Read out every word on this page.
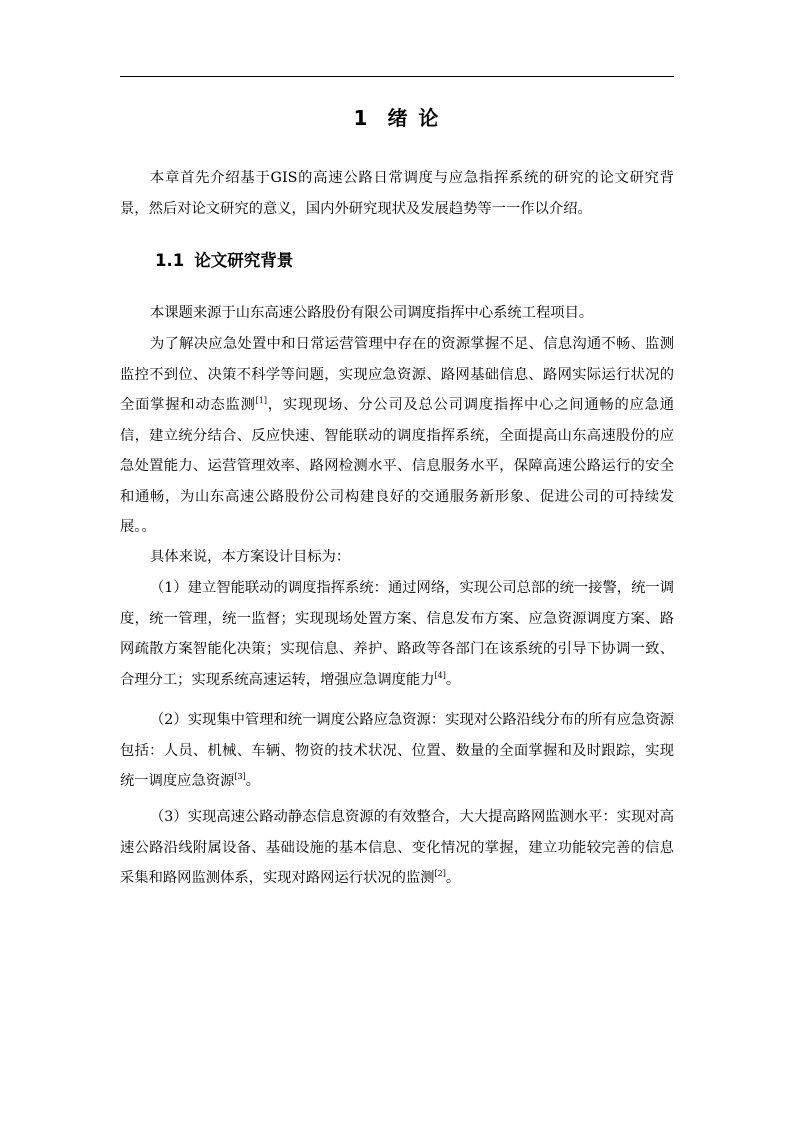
1 绪 论

本章首先介绍基于GIS的高速公路日常调度与应急指挥系统的研究的论文研究背景，然后对论文研究的意义，国内外研究现状及发展趋势等一一作以介绍。

1.1 论文研究背景

本课题来源于山东高速公路股份有限公司调度指挥中心系统工程项目。

为了解决应急处置中和日常运营管理中存在的资源掌握不足、信息沟通不畅、监测监控不到位、决策不科学等问题，实现应急资源、路网基础信息、路网实际运行状况的全面掌握和动态监测[1]，实现现场、分公司及总公司调度指挥中心之间通畅的应急通信，建立统分结合、反应快速、智能联动的调度指挥系统，全面提高山东高速股份的应急处置能力、运营管理效率、路网检测水平、信息服务水平，保障高速公路运行的安全和通畅，为山东高速公路股份公司构建良好的交通服务新形象、促进公司的可持续发展。。

具体来说，本方案设计目标为：

（1）建立智能联动的调度指挥系统：通过网络，实现公司总部的统一接警，统一调度，统一管理，统一监督；实现现场处置方案、信息发布方案、应急资源调度方案、路网疏散方案智能化决策；实现信息、养护、路政等各部门在该系统的引导下协调一致、合理分工；实现系统高速运转，增强应急调度能力[4]。

（2）实现集中管理和统一调度公路应急资源：实现对公路沿线分布的所有应急资源包括：人员、机械、车辆、物资的技术状况、位置、数量的全面掌握和及时跟踪，实现统一调度应急资源[3]。

（3）实现高速公路动静态信息资源的有效整合，大大提高路网监测水平：实现对高速公路沿线附属设备、基础设施的基本信息、变化情况的掌握，建立功能较完善的信息采集和路网监测体系，实现对路网运行状况的监测[2]。
